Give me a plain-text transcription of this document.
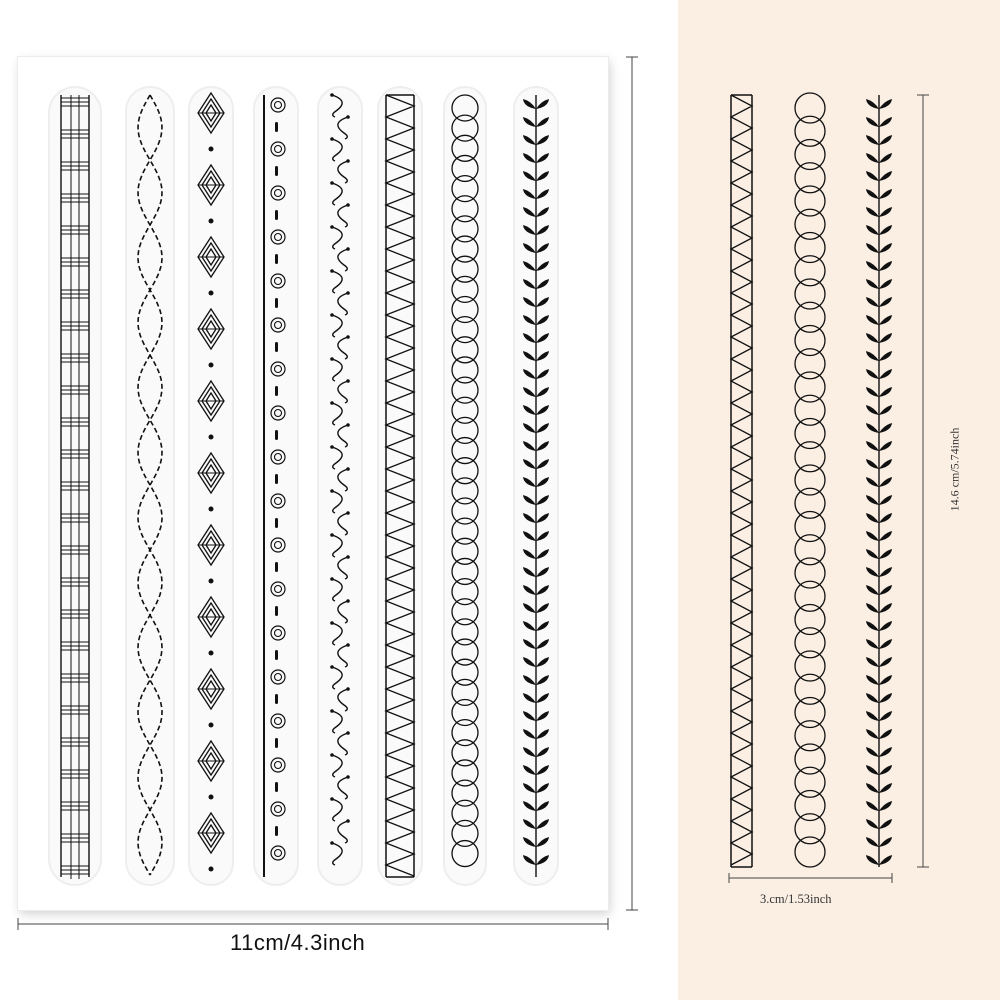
11cm/4.3inch
14.6 cm/5.74inch
3.cm/1.53inch
